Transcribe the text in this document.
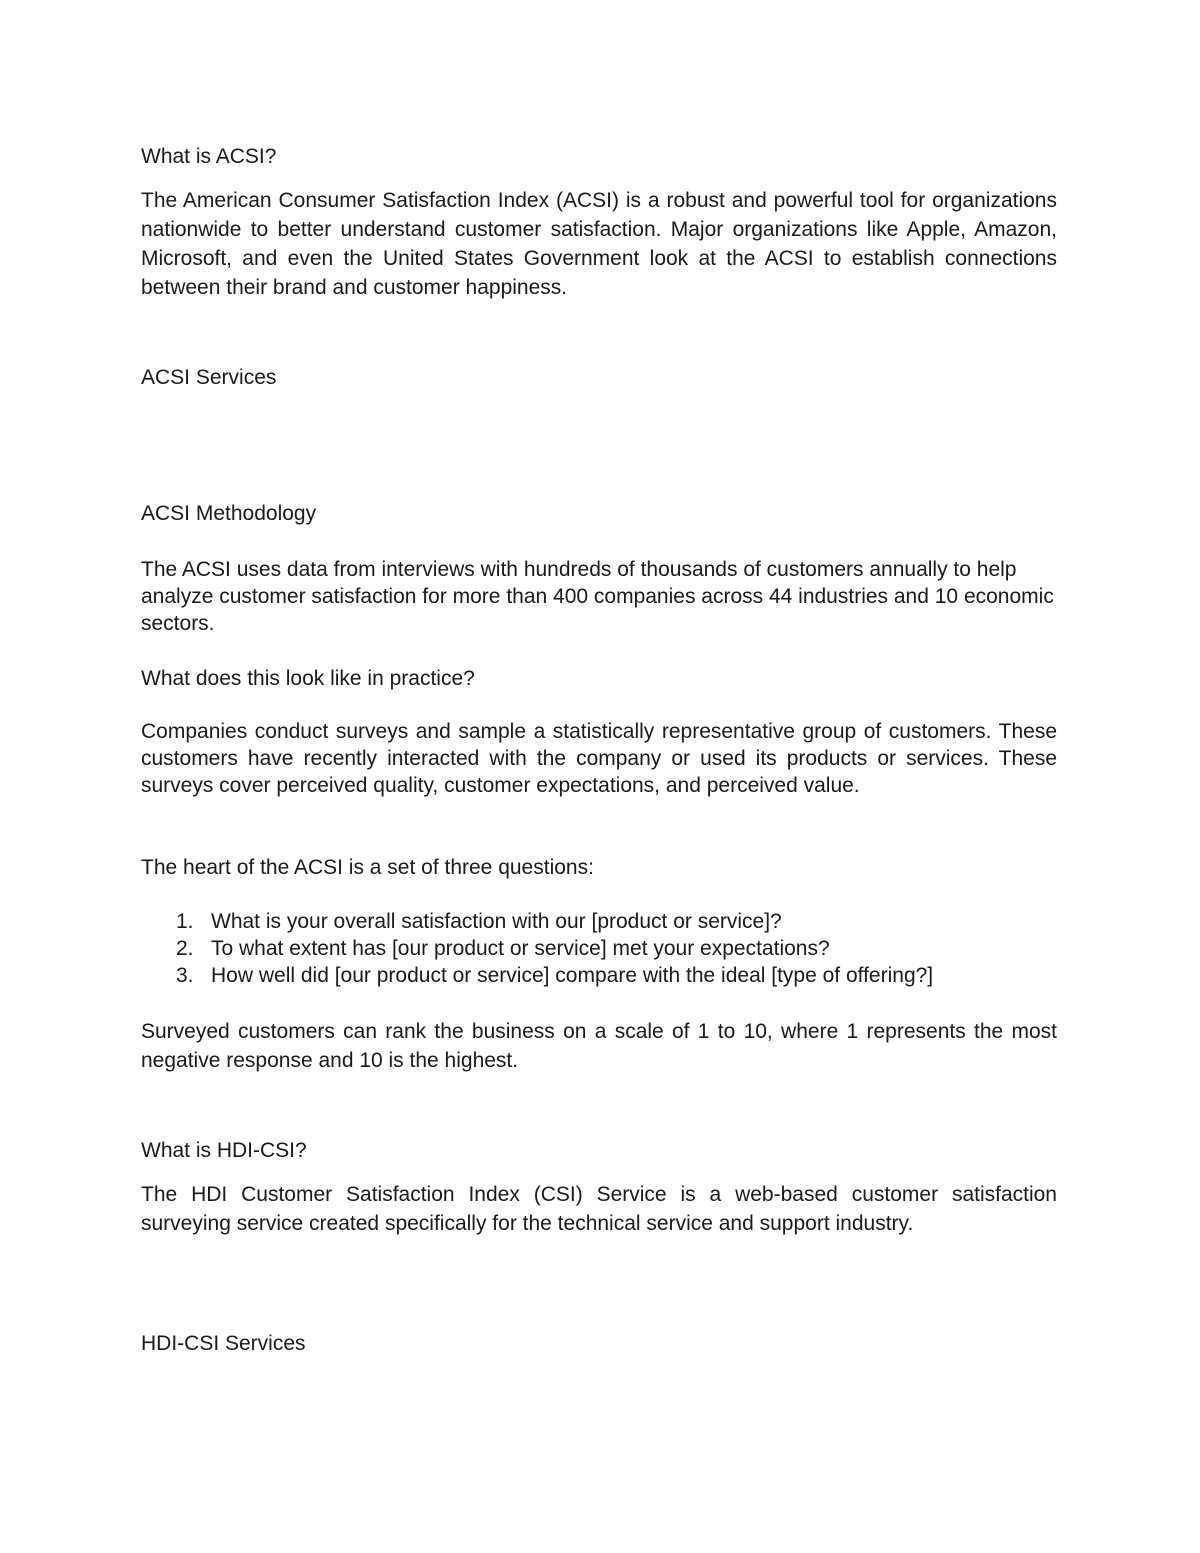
What is ACSI?

The American Consumer Satisfaction Index (ACSI) is a robust and powerful tool for organizations nationwide to better understand customer satisfaction. Major organizations like Apple, Amazon, Microsoft, and even the United States Government look at the ACSI to establish connections between their brand and customer happiness.

ACSI Services

ACSI Methodology

The ACSI uses data from interviews with hundreds of thousands of customers annually to help analyze customer satisfaction for more than 400 companies across 44 industries and 10 economic sectors.

What does this look like in practice?

Companies conduct surveys and sample a statistically representative group of customers. These customers have recently interacted with the company or used its products or services. These surveys cover perceived quality, customer expectations, and perceived value.

The heart of the ACSI is a set of three questions:

1. What is your overall satisfaction with our [product or service]?
2. To what extent has [our product or service] met your expectations?
3. How well did [our product or service] compare with the ideal [type of offering?]

Surveyed customers can rank the business on a scale of 1 to 10, where 1 represents the most negative response and 10 is the highest.

What is HDI-CSI?

The HDI Customer Satisfaction Index (CSI) Service is a web-based customer satisfaction surveying service created specifically for the technical service and support industry.

HDI-CSI Services
